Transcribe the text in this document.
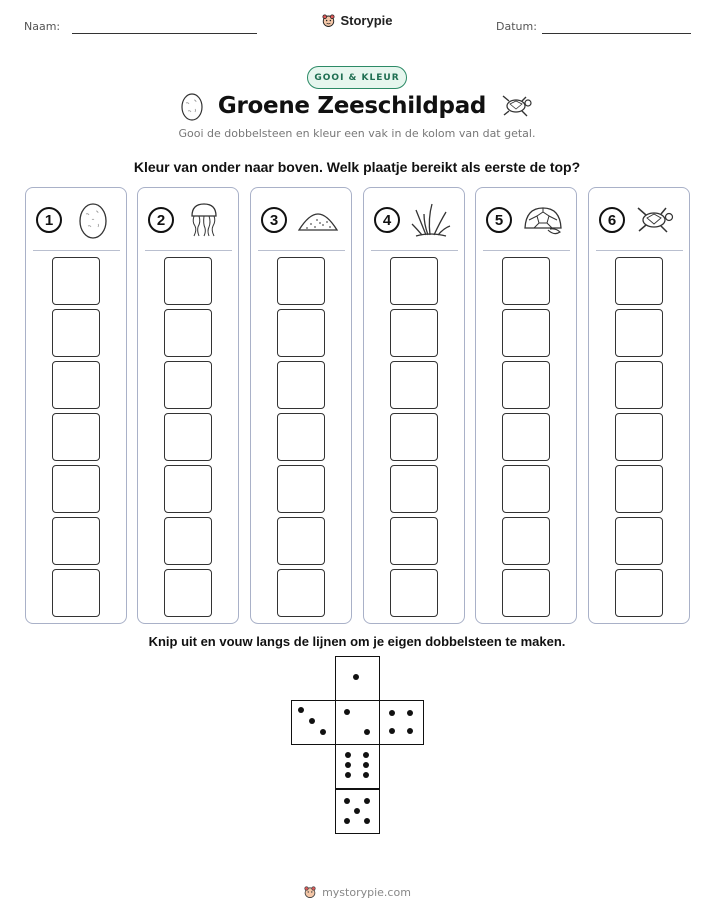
Naam:	Storypie	Datum:
GOOI & KLEUR
Groene Zeeschildpad
Gooi de dobbelsteen en kleur een vak in de kolom van dat getal.
Kleur van onder naar boven. Welk plaatje bereikt als eerste de top?
1	2	3	4	5	6
Knip uit en vouw langs de lijnen om je eigen dobbelsteen te maken.
mystorypie.com
